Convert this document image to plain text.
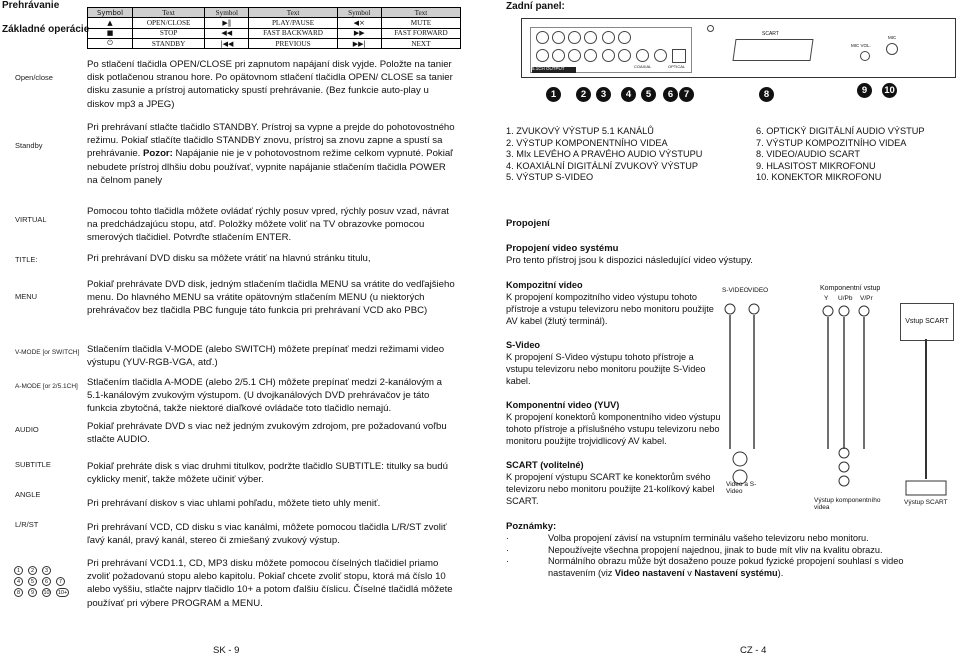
Prehrávanie
Základné operácie
Symbol	Text	Symbol	Text	Symbol	Text
▲	OPEN/CLOSE	▶‖	PLAY/PAUSE	◀×	MUTE
■	STOP	◀◀	FAST BACKWARD	▶▶	FAST FORWARD
⏻	STANDBY	|◀◀	PREVIOUS	▶▶|	NEXT
Open/close
Standby
VIRTUAL
TITLE:
MENU
V-MODE [or SWITCH]
A-MODE [or 2/5.1CH]
AUDIO
SUBTITLE
ANGLE
L/R/ST
1	2	3
4	5	6	7
8	9	10	10+
Po stlačení tlačidla OPEN/CLOSE pri zapnutom napájaní disk vyjde. Položte na tanier disk potlačenou stranou hore. Po opätovnom stlačení tlačidla OPEN/ CLOSE sa tanier disku zasunie a prístroj automaticky spustí prehrávanie. (Bez funkcie auto-play u diskov mp3 a JPEG)
Pri prehrávaní stlačte tlačidlo STANDBY. Prístroj sa vypne a prejde do pohotovostného režimu. Pokiaľ stlačíte tlačidlo STANDBY znovu, prístroj sa znovu zapne a spustí sa prehrávanie. Pozor: Napájanie nie je v pohotovostnom režime celkom vypnuté. Pokiaľ nebudete prístroj dlhšiu dobu používať, vypnite napájanie stlačením tlačidla POWER na čelnom panely
Pomocou tohto tlačidla môžete ovládať rýchly posuv vpred, rýchly posuv vzad, návrat na predchádzajúcu stopu, atď. Položky môžete voliť na TV obrazovke pomocou smerových tlačidiel. Potvrďte stlačením ENTER.
Pri prehrávaní DVD disku sa môžete vrátiť na hlavnú stránku titulu,
Pokiaľ prehrávate DVD disk, jedným stlačením tlačidla MENU sa vrátite do vedľajšieho menu. Do hlavného MENU sa vrátite opätovným stlačením MENU (u niektorých prehrávačov bez tlačidla PBC funguje táto funkcia pri prehrávaní VCD ako PBC)
Stlačením tlačidla V-MODE (alebo SWITCH) môžete prepínať medzi režimami video výstupu (YUV-RGB-VGA, atď.)
Stlačením tlačidla A-MODE (alebo 2/5.1 CH) môžete prepínať medzi 2-kanálovým a 5.1-kanálovým zvukovým výstupom. (U dvojkanálových DVD prehrávačov je táto funkcia zbytočná, takže niektoré diaľkové ovládače toto tlačidlo nemajú.
Pokiaľ prehrávate DVD s viac než jedným zvukovým zdrojom, pre požadovanú voľbu stlačte AUDIO.
Pokiaľ prehráte disk s viac druhmi titulkov, podržte tlačidlo SUBTITLE: titulky sa budú cyklicky meniť, takže môžete učiniť výber.
Pri prehrávaní diskov s viac uhlami pohľadu, môžete tieto uhly meniť.
Pri prehrávaní VCD, CD disku s viac kanálmi, môžete pomocou tlačidla L/R/ST zvoliť ľavý kanál, pravý kanál, stereo či zmiešaný zvukový výstup.
Pri prehrávaní VCD1.1, CD, MP3 disku môžete pomocou číselných tlačidiel priamo zvoliť požadovanú stopu alebo kapitolu. Pokiaľ chcete zvoliť stopu, ktorá má číslo 10 alebo vyššiu, stlačte najprv tlačidlo 10+ a potom ďalšiu číslicu. Číselné tlačidlá môžete používať pri výbere PROGRAM a MENU.
SK - 9
Zadní panel:
5.1CH OUTPUT	COAXIAL	OPTICAL
SCART
MIC VOL.
MIC
1	2	3	4	5	6	7	8	9	10
1. ZVUKOVÝ VÝSTUP 5.1 KANÁLŮ
2. VÝSTUP KOMPONENTNÍHO VIDEA
3. MIx LEVÉHO A PRAVÉHO AUDIO VÝSTUPU
4. KOAXIÁLNÍ DIGITÁLNÍ ZVUKOVÝ VÝSTUP
5. VÝSTUP S-VIDEO
6. OPTICKÝ DIGITÁLNÍ AUDIO VÝSTUP
7. VÝSTUP KOMPOZITNÍHO VIDEA
8. VIDEO/AUDIO SCART
9. HLASITOST MIKROFONU
10. KONEKTOR MIKROFONU
Propojení
Propojení video systému
Pro tento přístroj jsou k dispozici následující video výstupy.
Kompozitní video
K propojení kompozitního video výstupu tohoto přístroje a vstupu televizoru nebo monitoru použijte AV kabel (žlutý terminál).
S-Video
K propojení S-Video výstupu tohoto přístroje a vstupu televizoru nebo monitoru použijte S-Video kabel.
Komponentní video (YUV)
K propojení konektorů komponentního video výstupu tohoto přístroje a příslušného vstupu televizoru nebo monitoru použijte trojvidlicový AV kabel.
SCART (volitelné)
K propojení výstupu SCART ke konektorům svého televizoru nebo monitoru použijte 21-kolíkový kabel SCART.
S-VIDEO VIDEO	Komponentní vstup
Y U/Pb V/Pr
Vstup SCART
Video a S-Video
Výstup komponentního videa
Výstup SCART
Poznámky:
·	Volba propojení závisí na vstupním terminálu vašeho televizoru nebo monitoru.
·	Nepoužívejte všechna propojení najednou, jinak to bude mít vliv na kvalitu obrazu.
·	Normálního obrazu může být dosaženo pouze pokud fyzické propojení souhlasí s video nastavením (viz Video nastavení v Nastavení systému).
CZ - 4
